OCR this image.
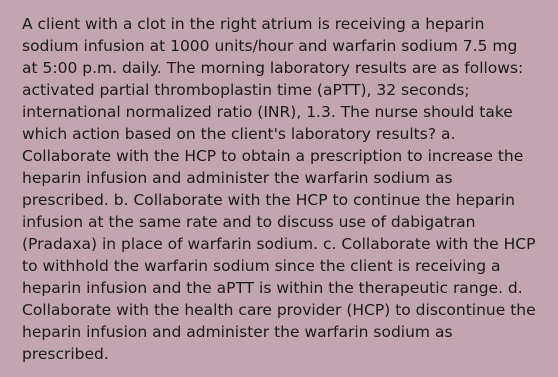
A client with a clot in the right atrium is receiving a heparin sodium infusion at 1000 units/hour and warfarin sodium 7.5 mg at 5:00 p.m. daily. The morning laboratory results are as follows: activated partial thromboplastin time (aPTT), 32 seconds; international normalized ratio (INR), 1.3. The nurse should take which action based on the client's laboratory results? a. Collaborate with the HCP to obtain a prescription to increase the heparin infusion and administer the warfarin sodium as prescribed. b. Collaborate with the HCP to continue the heparin infusion at the same rate and to discuss use of dabigatran (Pradaxa) in place of warfarin sodium. c. Collaborate with the HCP to withhold the warfarin sodium since the client is receiving a heparin infusion and the aPTT is within the therapeutic range. d. Collaborate with the health care provider (HCP) to discontinue the heparin infusion and administer the warfarin sodium as prescribed.
